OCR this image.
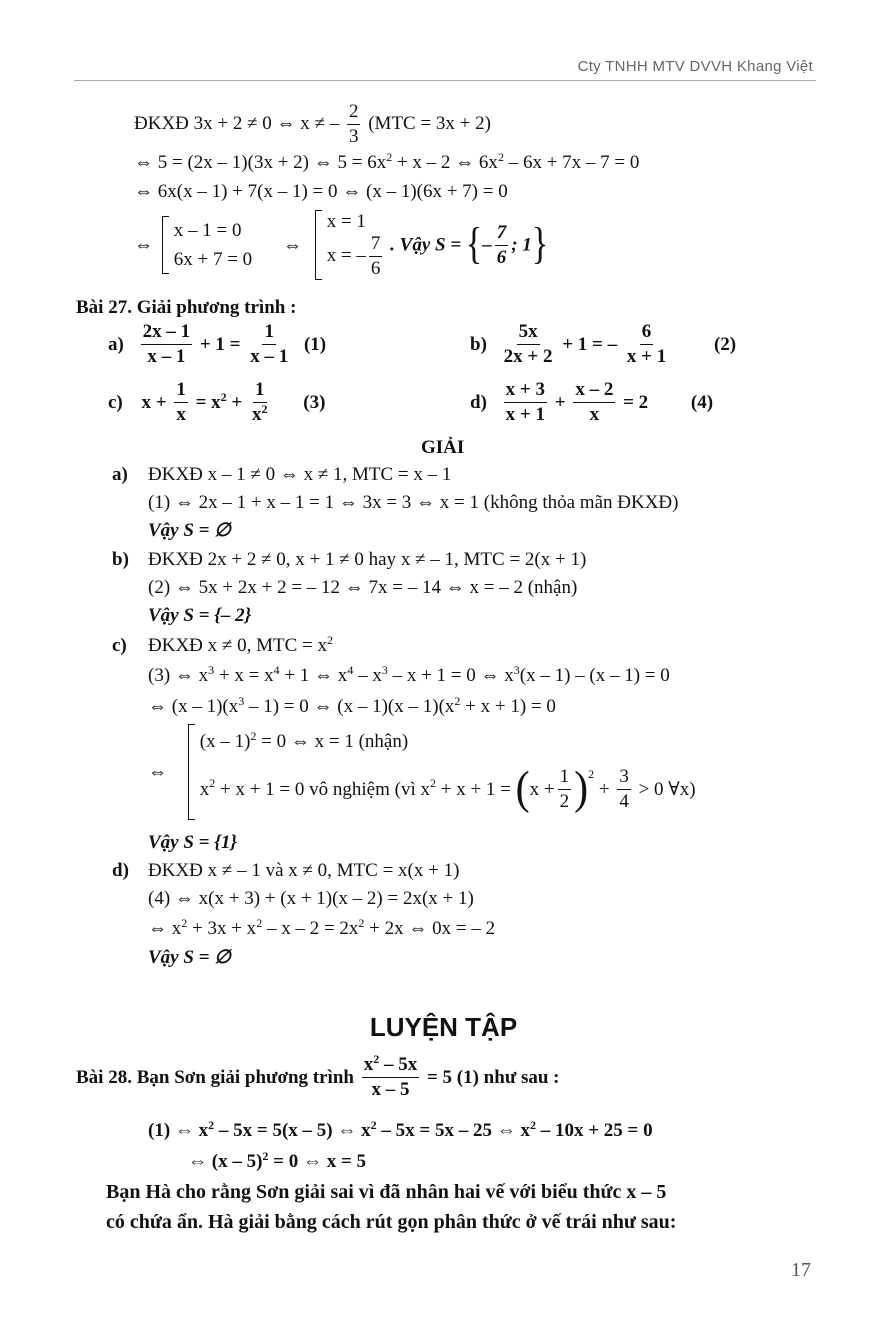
Cty TNHH MTV DVVH Khang Việt
ĐKXĐ 3x + 2 ≠ 0 ⇔ x ≠ – $\frac{2}{3} (MTC = 3x + 2)$
⇔ 5 = (2x – 1)(3x + 2) ⇔ $5 = 6x^2 + x - 2$ ⇔ $6x^2 - 6x + 7x - 7 = 0$
⇔ 6x(x – 1) + 7(x – 1) = 0 ⇔ (x – 1)(6x + 7) = 0
⇔
x – 1 = 0
6x + 7 = 0
⇔
x = 1
x = – $\frac{7}{6}$ . Vậy S = {– $\frac{7}{6}$ ; 1}
Bài 27. Giải phương trình :
$a) \frac{2x - 1}{x - 1} + 1 = \frac{1}{x - 1} (1)$	$b) \frac{5x}{2x + 2} + 1$ = – $\frac{6}{x + 1} (2)$
c) $x + \frac{1}{x} = x^2 + \frac{1}{x^2} (3)$	$d) \frac{x + 3}{x + 1} + \frac{x - 2}{x} = 2$ (4)
GIẢI
a) ĐKXĐ x – 1 ≠ 0 ⇔ x ≠ 1, MTC = x – 1
(1) ⇔ 2x – 1 + x – 1 = 1 ⇔ 3x = 3 ⇔ x = 1 (không thỏa mãn ĐKXĐ)
Vậy S = ∅
b) ĐKXĐ 2x + 2 ≠ 0, x + 1 ≠ 0 hay x ≠ – 1, MTC = 2(x + 1)
(2) ⇔ 5x + 2x + 2 = – 12 ⇔ 7x = – 14 ⇔ x = – 2 (nhận)
Vậy S = {– 2}
c) ĐKXĐ x ≠ 0, MTC = $x^2$
(3) ⇔ $x^3 + x = x^4 + 1$ ⇔ $x^4 - x^3 - x + 1 = 0$ ⇔ $x^3(x - 1) - (x - 1) = 0$
⇔ $(x - 1)(x^3 - 1) = 0$ ⇔ $(x - 1)(x - 1)(x^2 + x + 1) = 0$
⇔
(x – 1)$^2$ = 0 ⇔ x = 1 (nhận)
$x^2 + x + 1 = 0$ vô nghiệm (vì $x^2 + x + 1 = (x + \frac{1}{2} )^2 + \frac{3}{4} > 0$ ∀x)
Vậy S = {1}
d) ĐKXĐ x ≠ – 1 và x ≠ 0, MTC = x(x + 1)
(4) ⇔ x(x + 3) + (x + 1)(x – 2) = 2x(x + 1)
⇔ $x^2 + 3x + x^2 - x - 2 = 2x^2 + 2x$ ⇔ 0x = – 2
Vậy S = ∅
LUYỆN TẬP
Bài 28. Bạn Sơn giải phương trình $\frac{x^2 - 5x}{x - 5} = 5$ (1) như sau :
(1) ⇔ $x^2 - 5x = 5(x - 5)$ ⇔ $x^2 - 5x = 5x - 25$ ⇔ $x^2 - 10x + 25 = 0$
⇔ (x – 5)$^2$ = 0 ⇔ x = 5
Bạn Hà cho rằng Sơn giải sai vì đã nhân hai vế với biểu thức x – 5
có chứa ẩn. Hà giải bằng cách rút gọn phân thức ở vế trái như sau:
17
